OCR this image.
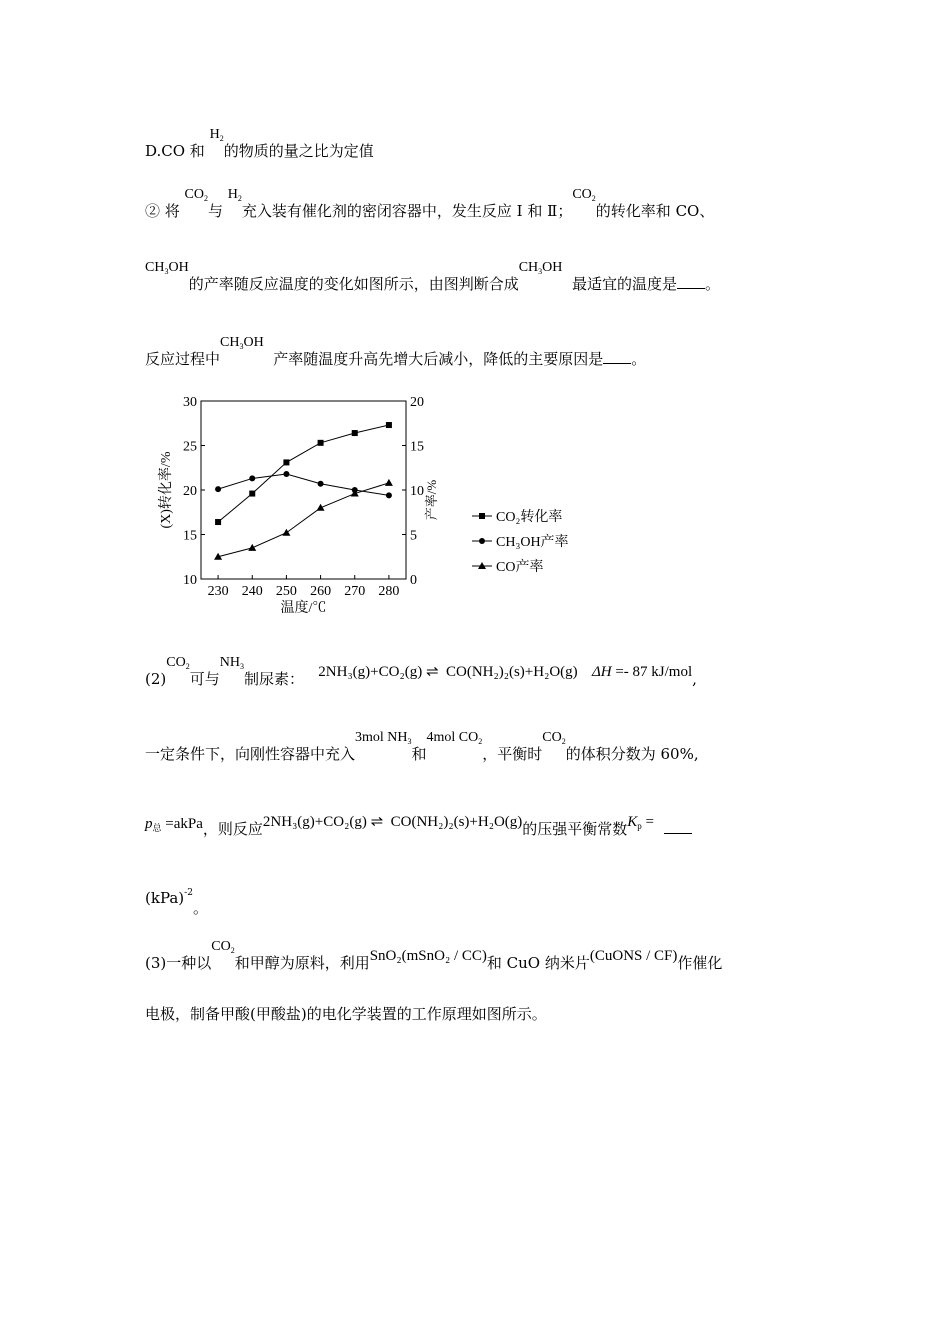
D.CO 和 $H_2$的物质的量之比为定值
② 将 $CO_2$与 $H_2$充入装有催化剂的密闭容器中，发生反应 Ⅰ 和 Ⅱ；$CO_2$的转化率和 CO、
$CH_3OH$的产率随反应温度的变化如图所示，由图判断合成$CH_3OH$  最适宜的温度是 。
反应过程中$CH_3OH$  产率随温度升高先增大后减小，降低的主要原因是 。
10
15
20
25
30
0
5
10
15
20
230 240 250 260 270 280
温度/℃
(X)转化率/%	产率/%	CO₂转化率
CH₃OH产率
CO产率
$(2)CO_2$可与$NH_3$制尿素： 2NH₃(g)+CO₂(g) ⇌ CO(NH₂)₂(s)+H₂O(g) ΔH =- 87 kJ/mol,
一定条件下，向刚性容器中充入3mol $NH_3$和4mol $CO_2$，平衡时$CO_2$的体积分数为 60%,
$p_总$ =akPa，则反应2NH₃(g)+CO₂(g) ⇌ CO(NH₂)₂(s)+H₂O(g)的压强平衡常数$K_p$ =
(kPa)$^{-2}$。
(3)一种以$CO_2$和甲醇为原料，利用SnO₂(mSnO₂ / CC)和 CuO 纳米片(CuONS / CF)作催化
电极，制备甲酸(甲酸盐)的电化学装置的工作原理如图所示。
